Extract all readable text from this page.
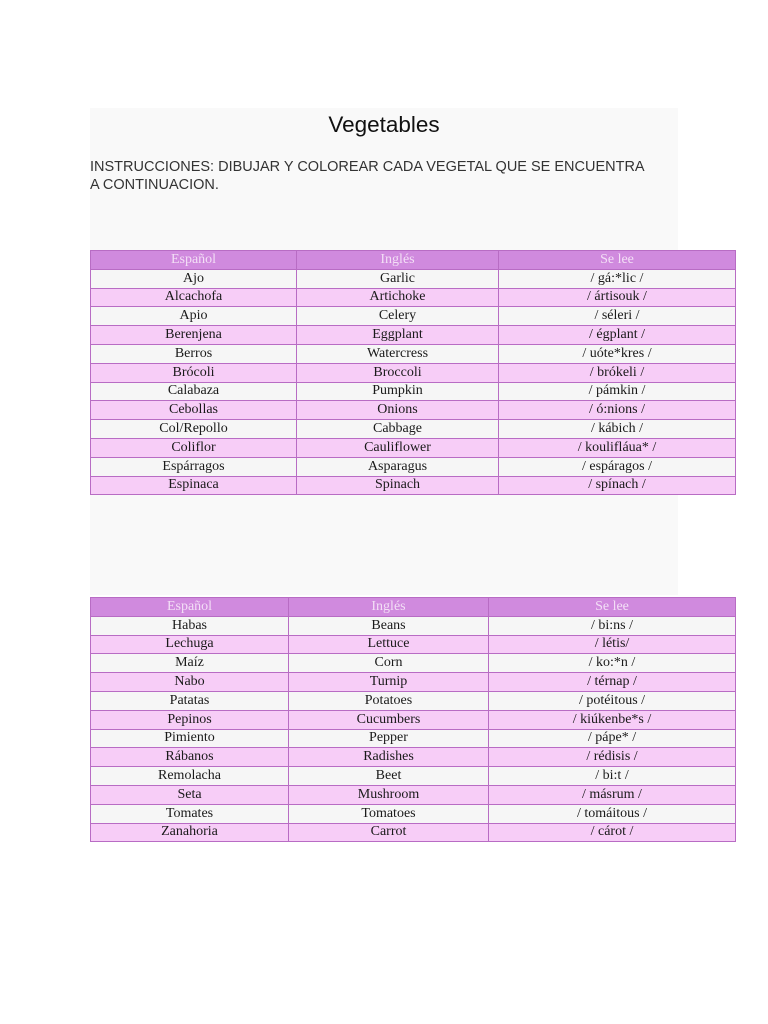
Vegetables
INSTRUCCIONES: DIBUJAR Y COLOREAR CADA VEGETAL QUE SE ENCUENTRA
A CONTINUACION.
Español	Inglés	Se lee
Ajo	Garlic	/ gá:*lic /
Alcachofa	Artichoke	/ ártisouk /
Apio	Celery	/ séleri /
Berenjena	Eggplant	/ égplant /
Berros	Watercress	/ uóte*kres /
Brócoli	Broccoli	/ brókeli /
Calabaza	Pumpkin	/ pámkin /
Cebollas	Onions	/ ó:nions /
Col/Repollo	Cabbage	/ kábich /
Coliflor	Cauliflower	/ koulifláua* /
Espárragos	Asparagus	/ espáragos /
Espinaca	Spinach	/ spínach /
Español	Inglés	Se lee
Habas	Beans	/ bi:ns /
Lechuga	Lettuce	/ létis/
Maíz	Corn	/ ko:*n /
Nabo	Turnip	/ térnap /
Patatas	Potatoes	/ potéitous /
Pepinos	Cucumbers	/ kiúkenbe*s /
Pimiento	Pepper	/ pápe* /
Rábanos	Radishes	/ rédisis /
Remolacha	Beet	/ bi:t /
Seta	Mushroom	/ másrum /
Tomates	Tomatoes	/ tomáitous /
Zanahoria	Carrot	/ cárot /
